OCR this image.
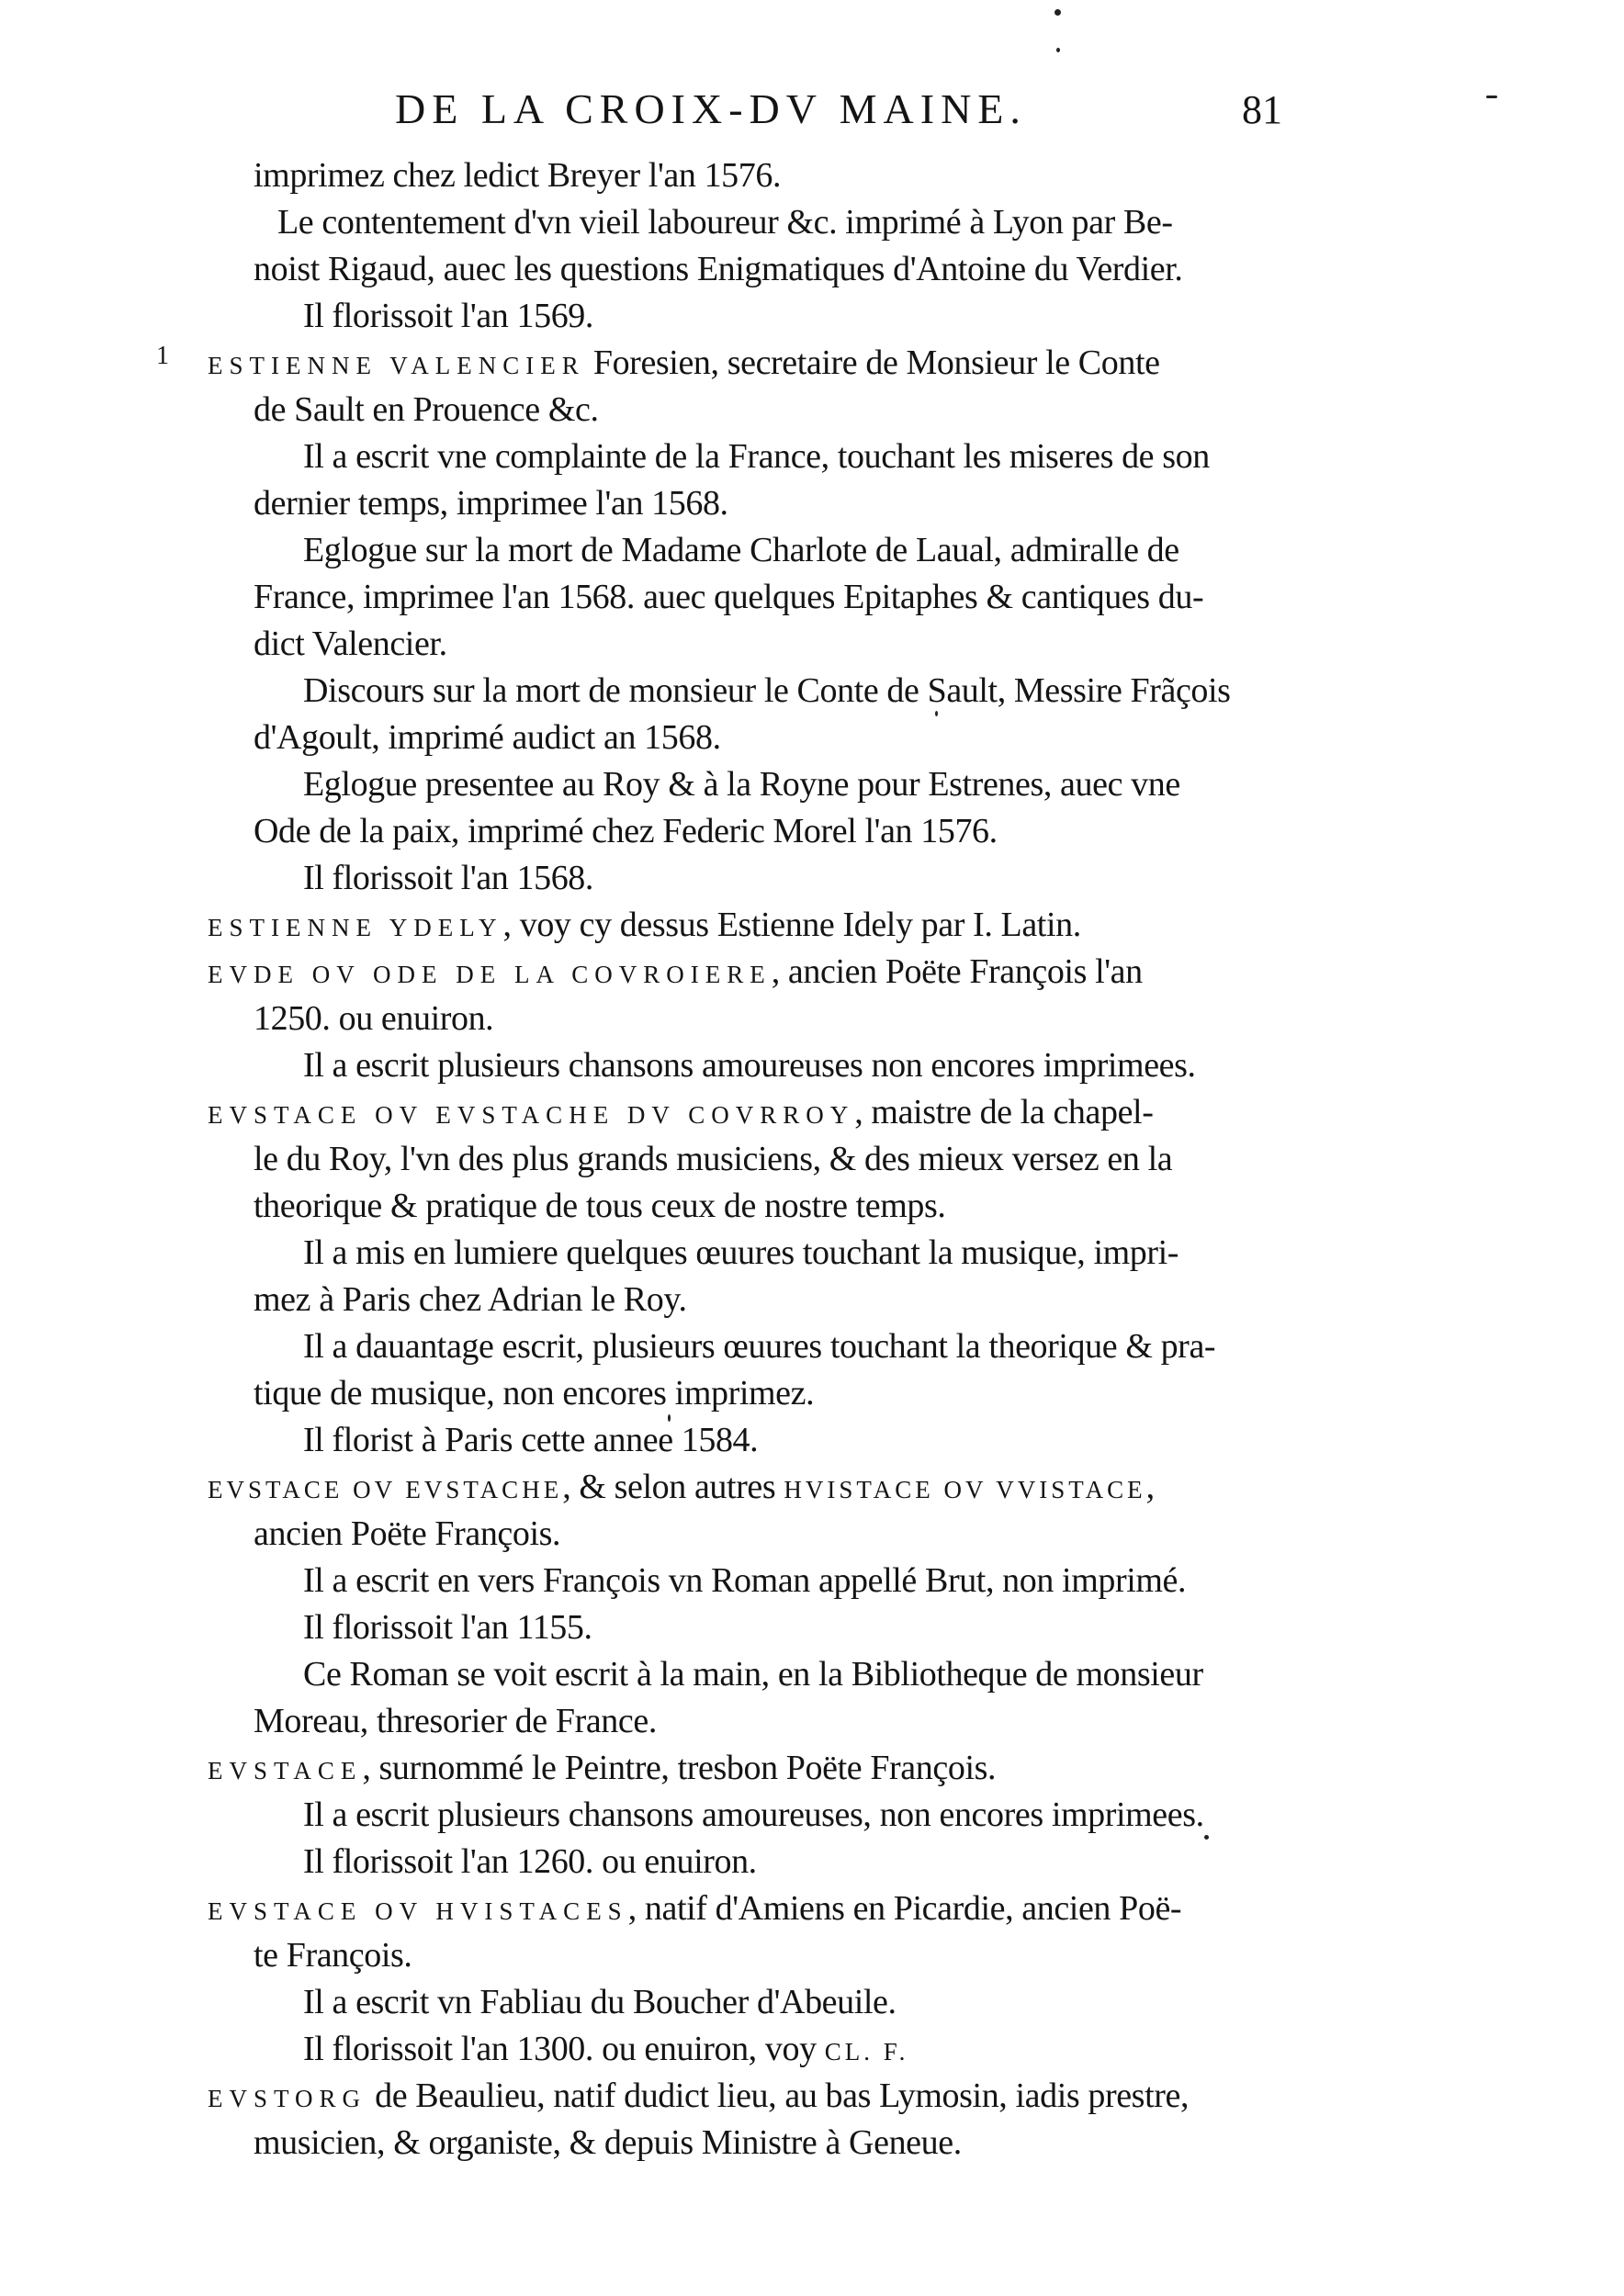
DE LA CROIX-DV MAINE.	81
1
imprimez chez ledict Breyer l'an 1576.
Le contentement d'vn vieil laboureur &c. imprimé à Lyon par Be-
noist Rigaud, auec les questions Enigmatiques d'Antoine du Verdier.
Il florissoit l'an 1569.
ESTIENNE VALENCIER Foresien, secretaire de Monsieur le Conte
de Sault en Prouence &c.
Il a escrit vne complainte de la France, touchant les miseres de son
dernier temps, imprimee l'an 1568.
Eglogue sur la mort de Madame Charlote de Laual, admiralle de
France, imprimee l'an 1568. auec quelques Epitaphes & cantiques du-
dict Valencier.
Discours sur la mort de monsieur le Conte de Sault, Messire Frãçois
d'Agoult, imprimé audict an 1568.
Eglogue presentee au Roy & à la Royne pour Estrenes, auec vne
Ode de la paix, imprimé chez Federic Morel l'an 1576.
Il florissoit l'an 1568.
ESTIENNE YDELY, voy cy dessus Estienne Idely par I. Latin.
EVDE OV ODE DE LA COVROIERE, ancien Poëte François l'an
1250. ou enuiron.
Il a escrit plusieurs chansons amoureuses non encores imprimees.
EVSTACE OV EVSTACHE DV COVRROY, maistre de la chapel-
le du Roy, l'vn des plus grands musiciens, & des mieux versez en la
theorique & pratique de tous ceux de nostre temps.
Il a mis en lumiere quelques œuures touchant la musique, impri-
mez à Paris chez Adrian le Roy.
Il a dauantage escrit, plusieurs œuures touchant la theorique & pra-
tique de musique, non encores imprimez.
Il florist à Paris cette annee 1584.
EVSTACE OV EVSTACHE, & selon autres HVISTACE OV VVISTACE,
ancien Poëte François.
Il a escrit en vers François vn Roman appellé Brut, non imprimé.
Il florissoit l'an 1155.
Ce Roman se voit escrit à la main, en la Bibliotheque de monsieur
Moreau, thresorier de France.
EVSTACE, surnommé le Peintre, tresbon Poëte François.
Il a escrit plusieurs chansons amoureuses, non encores imprimees.
Il florissoit l'an 1260. ou enuiron.
EVSTACE OV HVISTACES, natif d'Amiens en Picardie, ancien Poë-
te François.
Il a escrit vn Fabliau du Boucher d'Abeuile.
Il florissoit l'an 1300. ou enuiron, voy CL. F.
EVSTORG de Beaulieu, natif dudict lieu, au bas Lymosin, iadis prestre,
musicien, & organiste, & depuis Ministre à Geneue.
